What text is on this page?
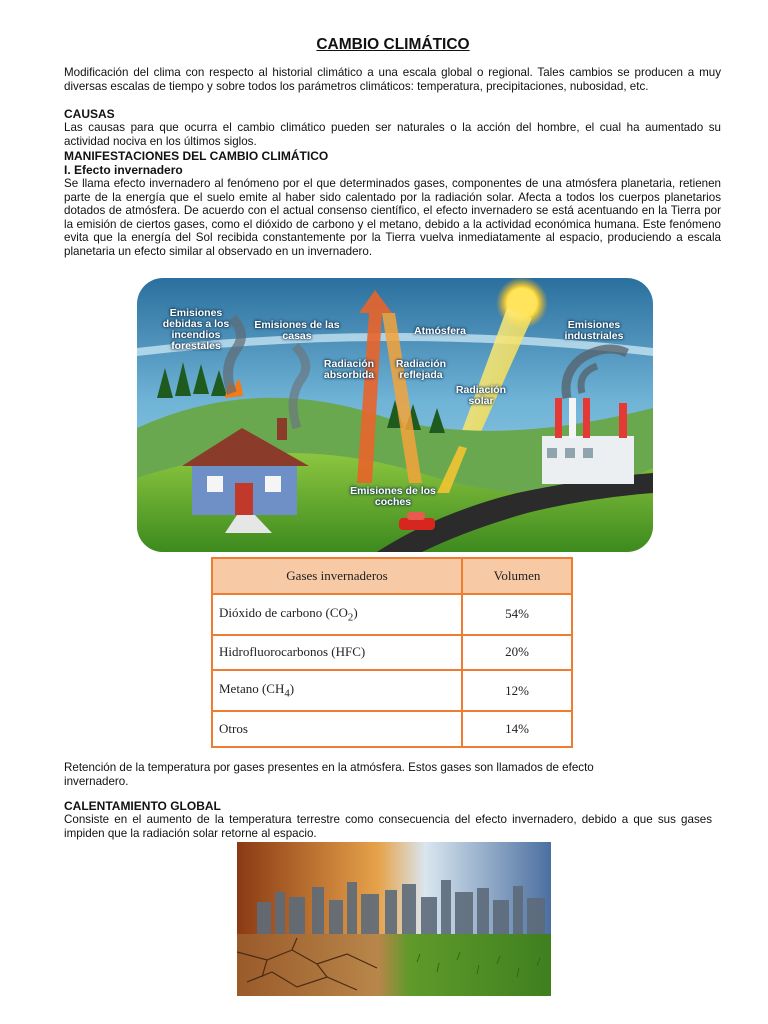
CAMBIO CLIMÁTICO
Modificación del clima con respecto al historial climático a una escala global o regional. Tales cambios se producen a muy diversas escalas de tiempo y sobre todos los parámetros climáticos: temperatura, precipitaciones, nubosidad, etc.
CAUSAS
Las causas para que ocurra el cambio climático pueden ser naturales o la acción del hombre, el cual ha aumentado su actividad nociva en los últimos siglos.
MANIFESTACIONES DEL CAMBIO CLIMÁTICO
I. Efecto invernadero
Se llama efecto invernadero al fenómeno por el que determinados gases, componentes de una atmósfera planetaria, retienen parte de la energía que el suelo emite al haber sido calentado por la radiación solar. Afecta a todos los cuerpos planetarios dotados de atmósfera. De acuerdo con el actual consenso científico, el efecto invernadero se está acentuando en la Tierra por la emisión de ciertos gases, como el dióxido de carbono y el metano, debido a la actividad económica humana. Este fenómeno evita que la energía del Sol recibida constantemente por la Tierra vuelva inmediatamente al espacio, produciendo a escala planetaria un efecto similar al observado en un invernadero.
Emisiones debidas a los incendios forestales
Emisiones de las casas	Atmósfera	Emisiones industriales
Radiación absorbida
Radiación reflejada
Radiación solar
Emisiones de los coches
Gases invernaderos	Volumen
Dióxido de carbono $(CO_2)$	54%
Hidrofluorocarbonos (HFC)	20%
Metano $(CH_4)$	12%
Otros	14%
Retención de la temperatura por gases presentes en la atmósfera. Estos gases son llamados de efecto invernadero.
CALENTAMIENTO GLOBAL
Consiste en el aumento de la temperatura terrestre como consecuencia del efecto invernadero, debido a que sus gases impiden que la radiación solar retorne al espacio.
